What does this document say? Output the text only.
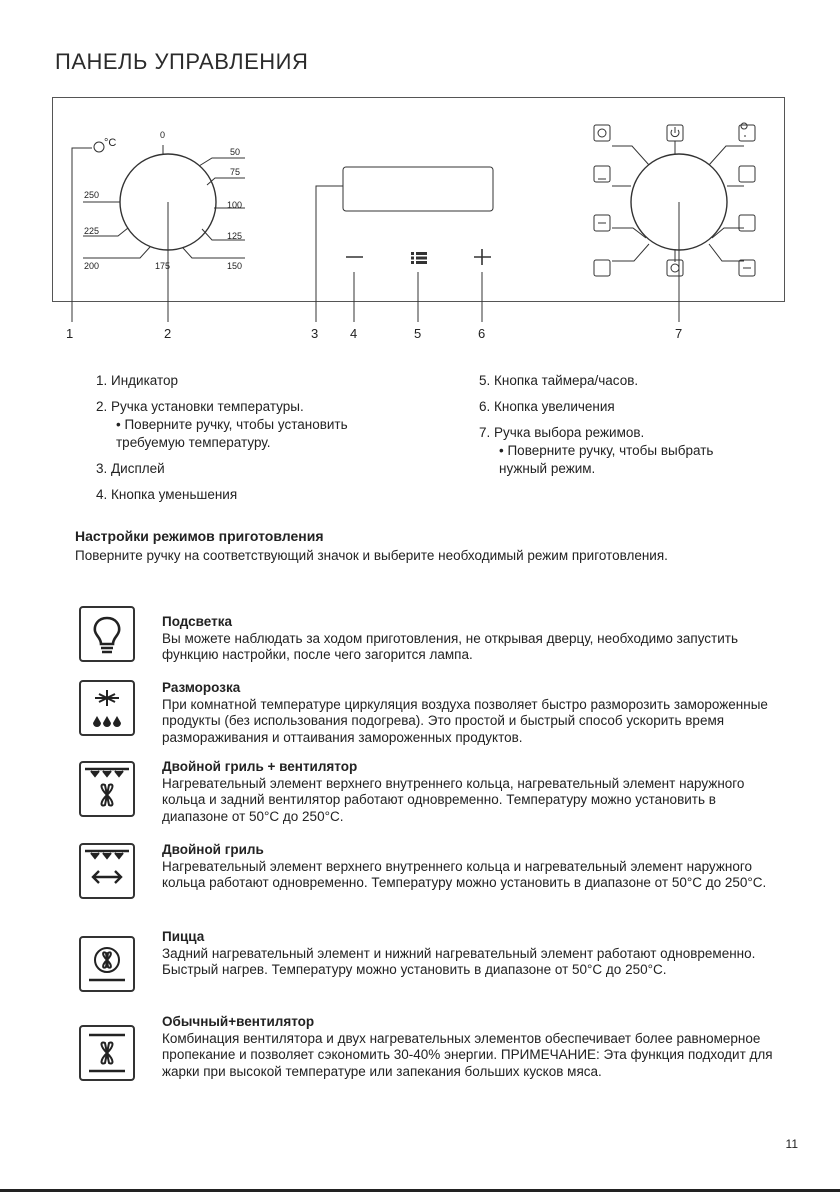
ПАНЕЛЬ УПРАВЛЕНИЯ
0
50
75
100
125
150
175
200
225
250
°C
1	2	3 4	5	6	7

1. Индикатор

2. Ручка установки температуры.

• Поверните ручку, чтобы установить требуемую температуру.

3. Дисплей

4. Кнопка уменьшения

5. Кнопка таймера/часов.

6. Кнопка увеличения

7. Ручка выбора режимов.

• Поверните ручку, чтобы выбрать нужный режим.

Настройки режимов приготовления
Поверните ручку на соответствующий значок и выберите необходимый режим приготовления.
Подсветка
Вы можете наблюдать за ходом приготовления, не открывая дверцу, необходимо запустить функцию настройки, после чего загорится лампа.
Разморозка
При комнатной температуре циркуляция воздуха позволяет быстро разморозить замороженные продукты (без использования подогрева). Это простой и быстрый способ ускорить время размораживания и оттаивания замороженных продуктов.
Двойной гриль + вентилятор
Нагревательный элемент верхнего внутреннего кольца, нагревательный элемент наружного кольца и задний вентилятор работают одновременно. Температуру можно установить в диапазоне от 50°C до 250°C.
Двойной гриль
Нагревательный элемент верхнего внутреннего кольца и нагревательный элемент наружного кольца работают одновременно. Температуру можно установить в диапазоне от 50°C до 250°C.
Пицца
Задний нагревательный элемент и нижний нагревательный элемент работают одновременно. Быстрый нагрев. Температуру можно установить в диапазоне от 50°C до 250°C.
Обычный+вентилятор
Комбинация вентилятора и двух нагревательных элементов обеспечивает более равномерное пропекание и позволяет сэкономить 30-40% энергии. ПРИМЕЧАНИЕ: Эта функция подходит для жарки при высокой температуре или запекания больших кусков мяса.
11
